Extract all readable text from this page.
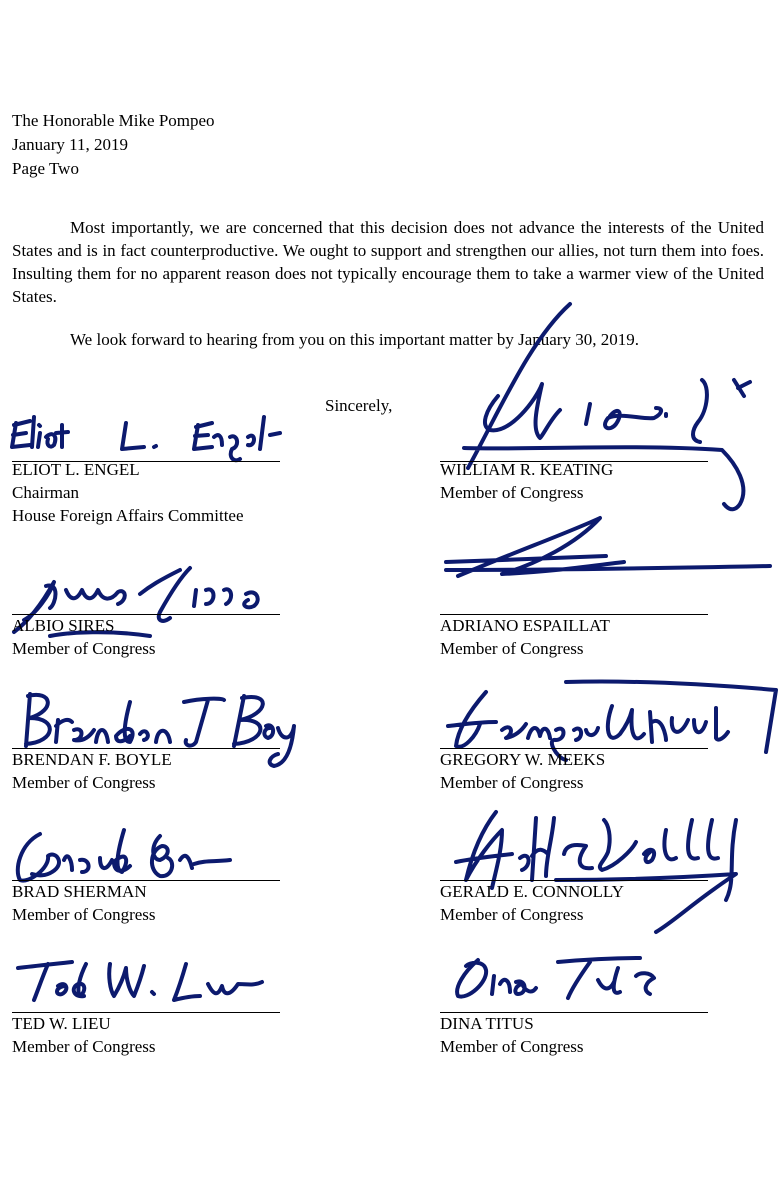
The Honorable Mike Pompeo
January 11, 2019
Page Two
Most importantly, we are concerned that this decision does not advance the interests of the United States and is in fact counterproductive. We ought to support and strengthen our allies, not turn them into foes. Insulting them for no apparent reason does not typically encourage them to take a warmer view of the United States.
We look forward to hearing from you on this important matter by January 30, 2019.
Sincerely,
ELIOT L. ENGEL
Chairman
House Foreign Affairs Committee
WILLIAM R. KEATING
Member of Congress
ALBIO SIRES
Member of Congress
ADRIANO ESPAILLAT
Member of Congress
BRENDAN F. BOYLE
Member of Congress
GREGORY W. MEEKS
Member of Congress
BRAD SHERMAN
Member of Congress
GERALD E. CONNOLLY
Member of Congress
TED W. LIEU
Member of Congress
DINA TITUS
Member of Congress
